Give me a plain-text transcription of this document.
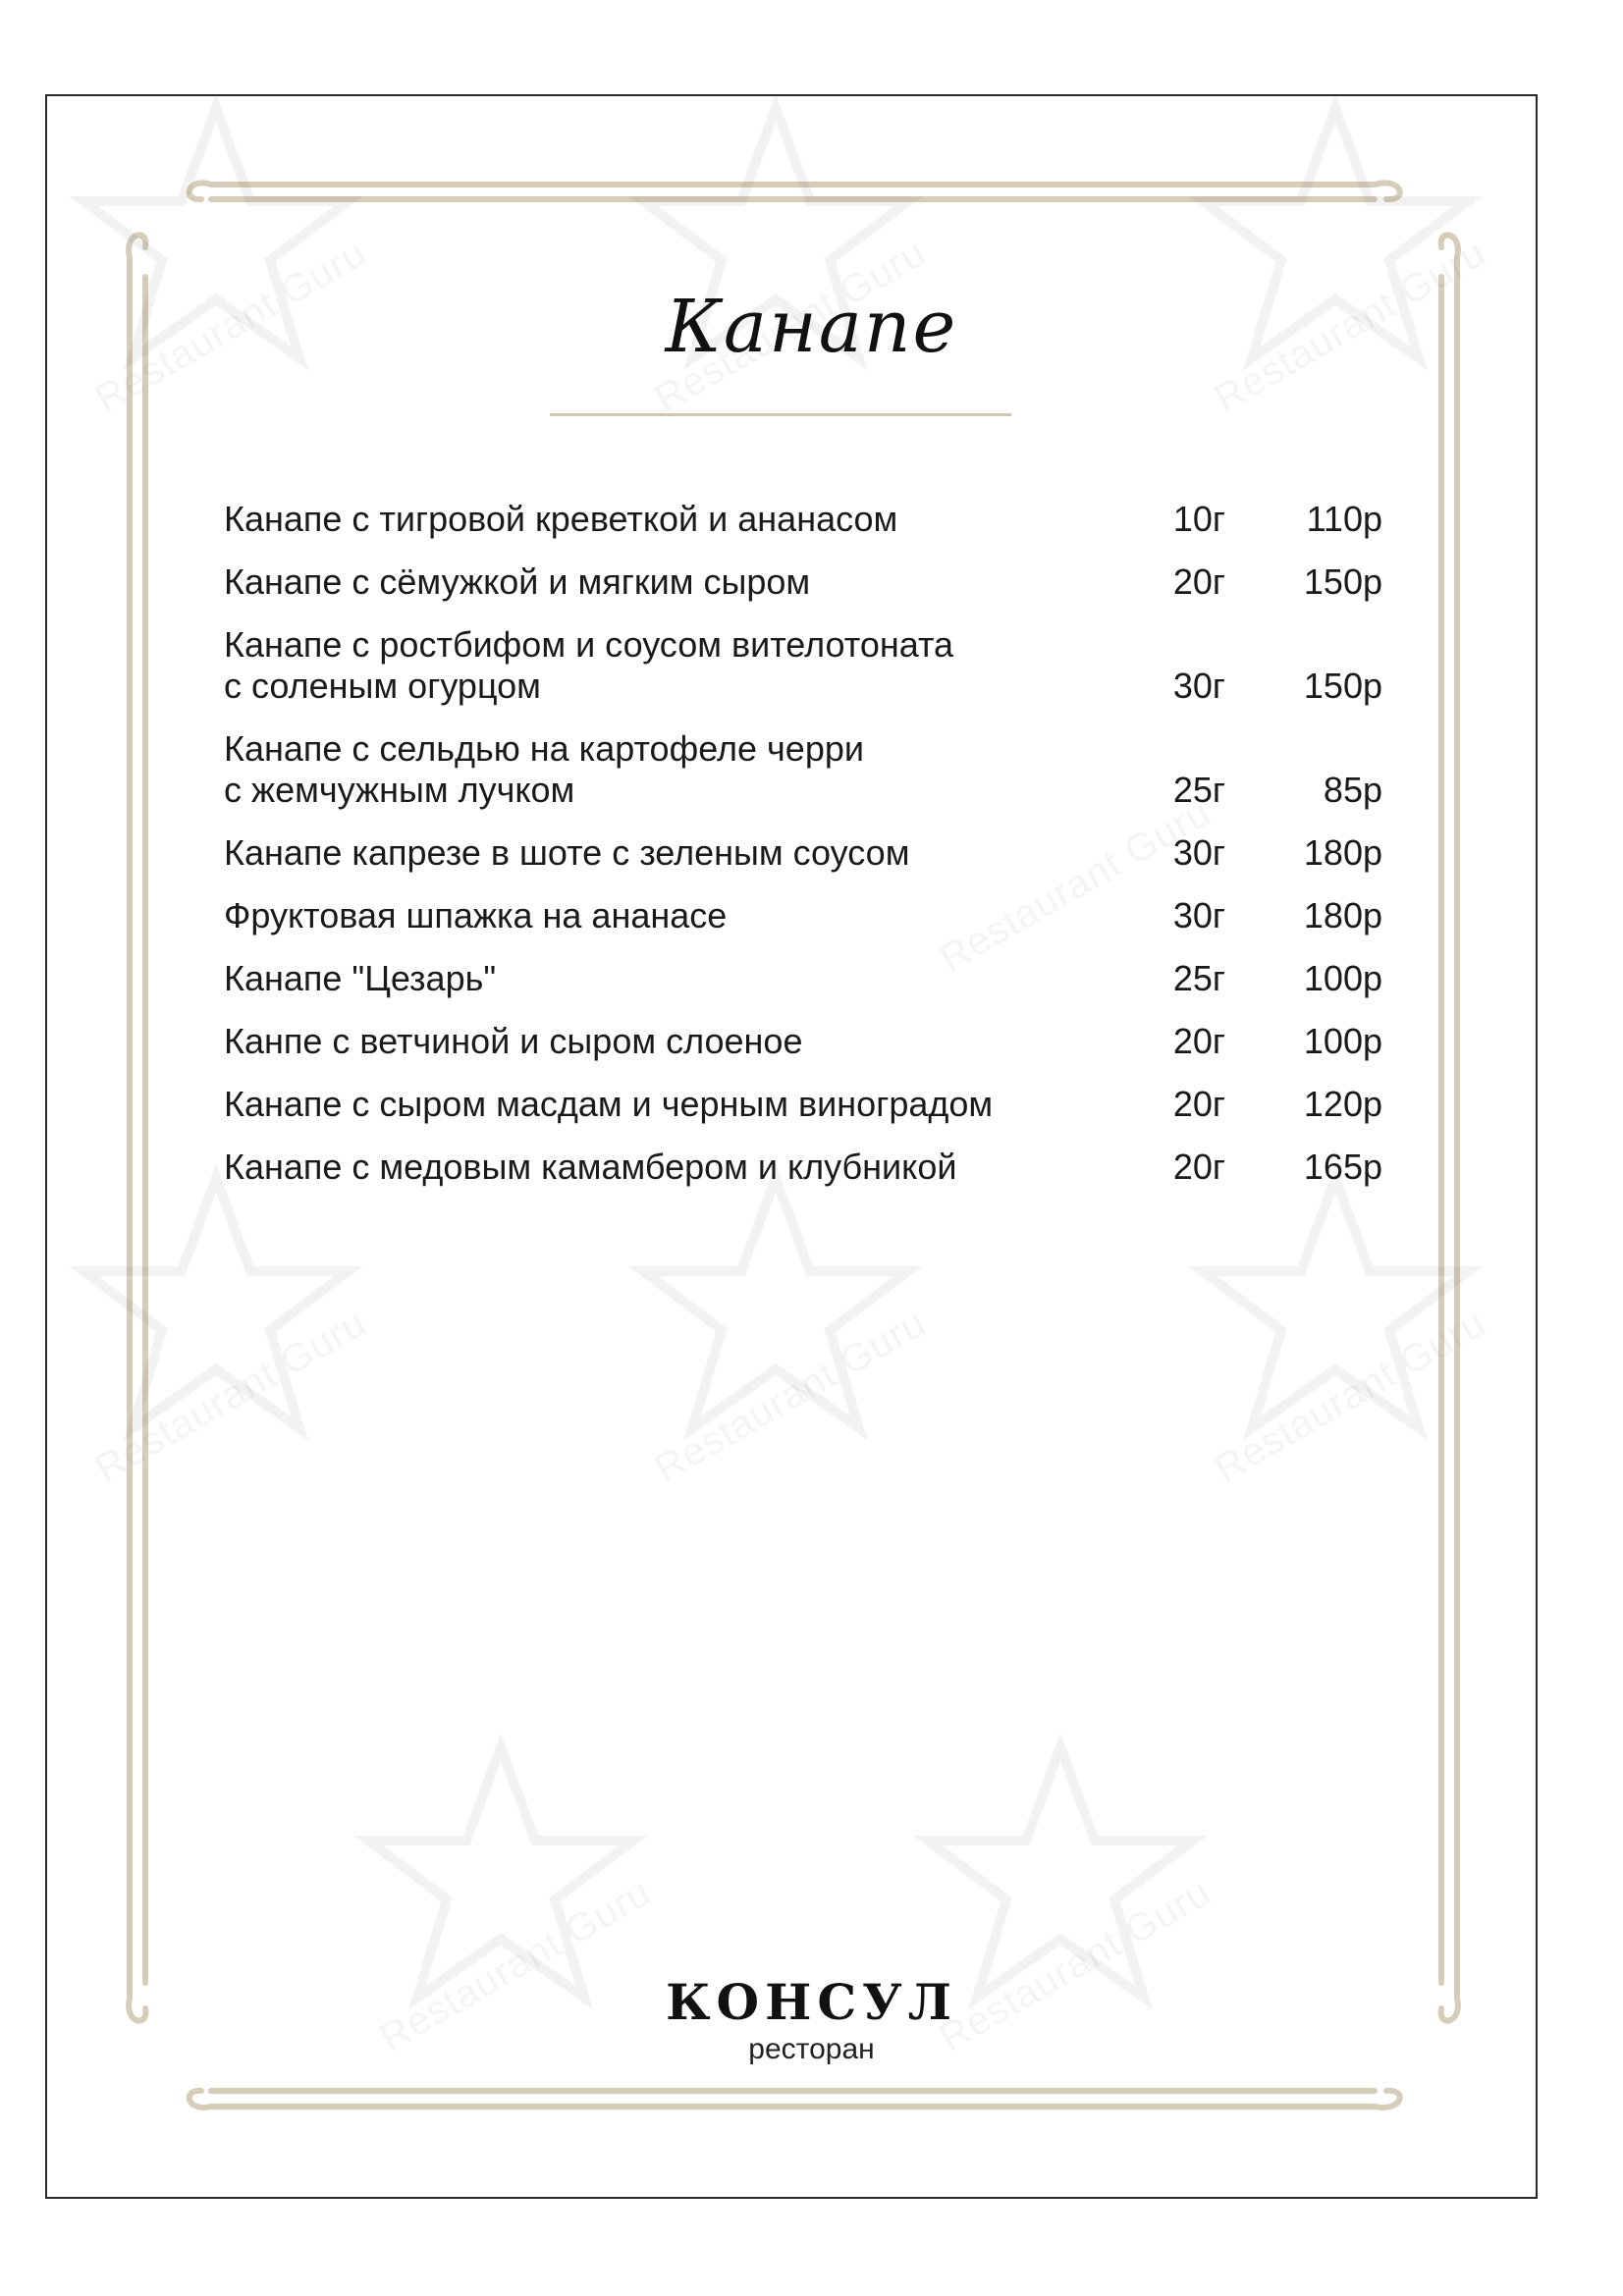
Канапе
Канапе с тигровой креветкой и ананасом	10г	110р
Канапе с сёмужкой и мягким сыром	20г	150р
Канапе с ростбифом и соусом вителотоната
с соленым огурцом	30г	150р
Канапе с сельдью на картофеле черри
с жемчужным лучком	25г	85р
Канапе капрезе в шоте с зеленым соусом	30г	180р
Фруктовая шпажка на ананасе	30г	180р
Канапе "Цезарь"	25г	100р
Канпе с ветчиной и сыром слоеное	20г	100р
Канапе с сыром масдам и черным виноградом	20г	120р
Канапе с медовым камамбером и клубникой	20г	165р
КОНСУЛ
ресторан
